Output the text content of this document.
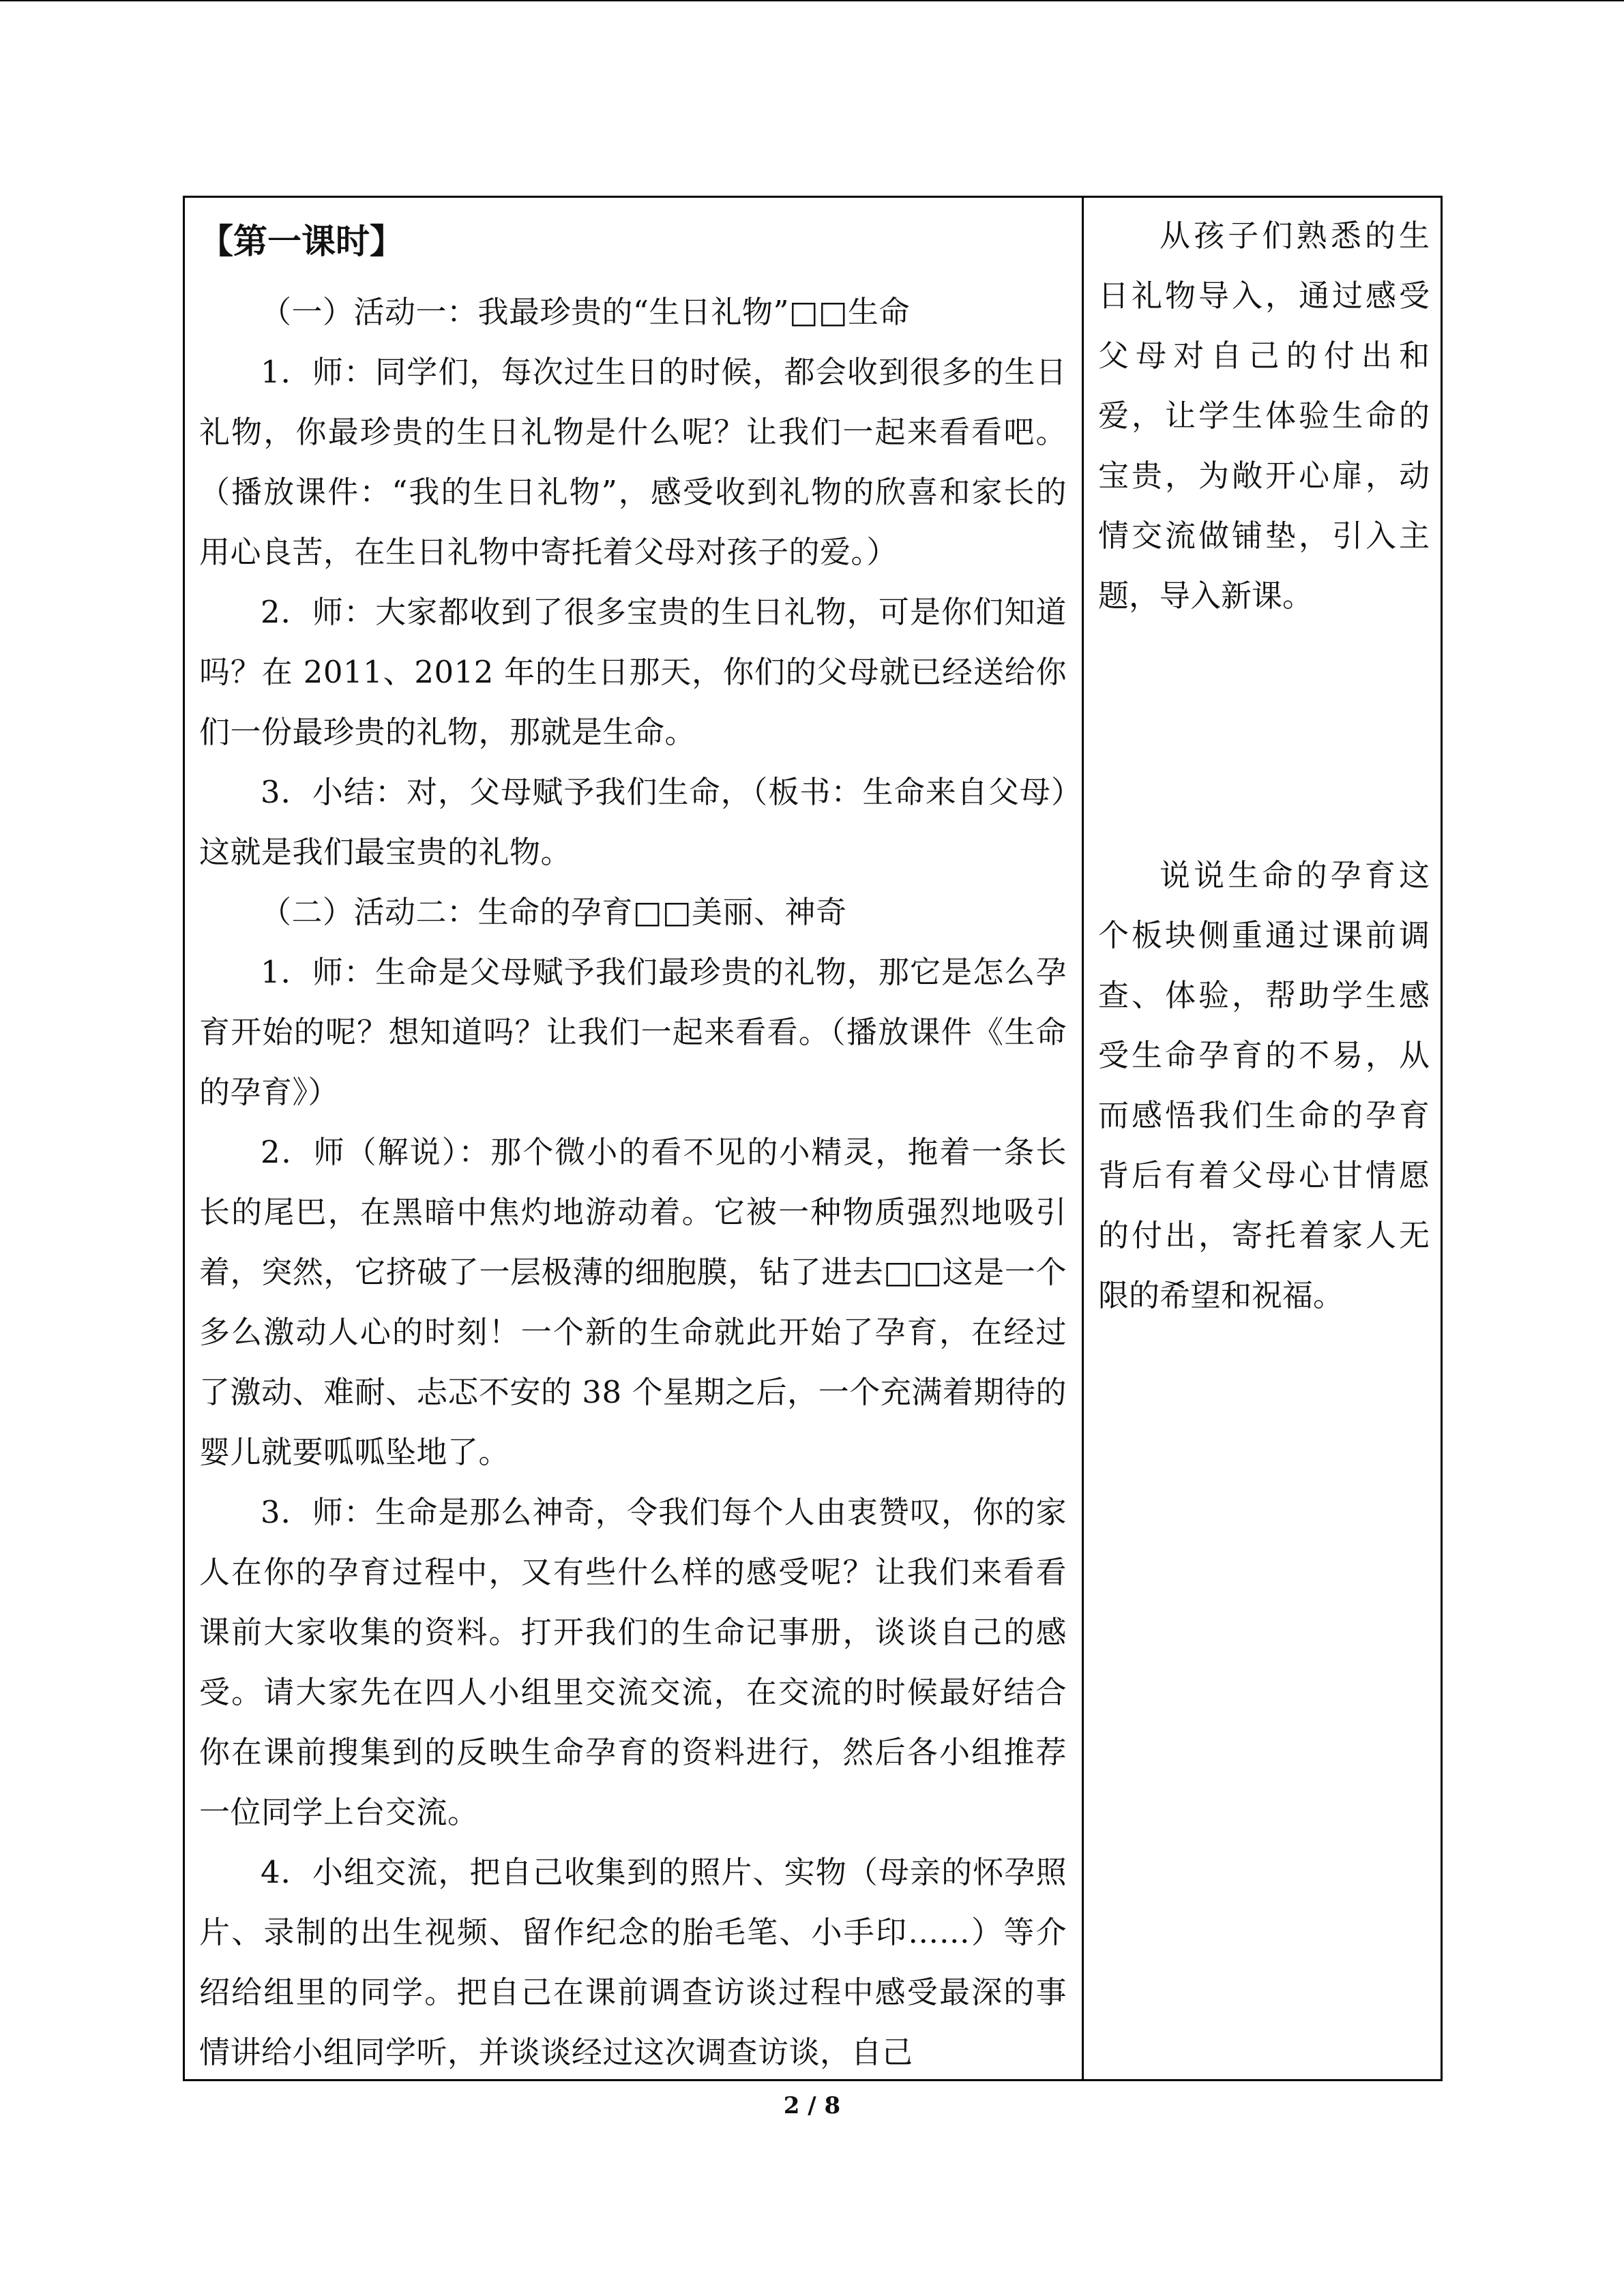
【第一课时】

（一）活动一：我最珍贵的“生日礼物”□□生命

1．师：同学们，每次过生日的时候，都会收到很多的生日礼物，你最珍贵的生日礼物是什么呢？让我们一起来看看吧。（播放课件：“我的生日礼物”，感受收到礼物的欣喜和家长的用心良苦，在生日礼物中寄托着父母对孩子的爱。）

2．师：大家都收到了很多宝贵的生日礼物，可是你们知道吗？在 2011、2012 年的生日那天，你们的父母就已经送给你们一份最珍贵的礼物，那就是生命。

3．小结：对，父母赋予我们生命，（板书：生命来自父母）这就是我们最宝贵的礼物。

（二）活动二：生命的孕育□□美丽、神奇

1．师：生命是父母赋予我们最珍贵的礼物，那它是怎么孕育开始的呢？想知道吗？让我们一起来看看。（播放课件《生命的孕育》）

2．师（解说）：那个微小的看不见的小精灵，拖着一条长长的尾巴，在黑暗中焦灼地游动着。它被一种物质强烈地吸引着，突然，它挤破了一层极薄的细胞膜，钻了进去□□这是一个多么激动人心的时刻！一个新的生命就此开始了孕育，在经过了激动、难耐、忐忑不安的 38 个星期之后，一个充满着期待的婴儿就要呱呱坠地了。

3．师：生命是那么神奇，令我们每个人由衷赞叹，你的家人在你的孕育过程中，又有些什么样的感受呢？让我们来看看课前大家收集的资料。打开我们的生命记事册，谈谈自己的感受。请大家先在四人小组里交流交流，在交流的时候最好结合你在课前搜集到的反映生命孕育的资料进行，然后各小组推荐一位同学上台交流。

4．小组交流，把自己收集到的照片、实物（母亲的怀孕照片、录制的出生视频、留作纪念的胎毛笔、小手印……）等介绍给组里的同学。把自己在课前调查访谈过程中感受最深的事情讲给小组同学听，并谈谈经过这次调查访谈，自己

从孩子们熟悉的生日礼物导入，通过感受父母对自己的付出和爱，让学生体验生命的宝贵，为敞开心扉，动情交流做铺垫，引入主题，导入新课。

说说生命的孕育这个板块侧重通过课前调查、体验，帮助学生感受生命孕育的不易，从而感悟我们生命的孕育背后有着父母心甘情愿的付出，寄托着家人无限的希望和祝福。

2 / 8
